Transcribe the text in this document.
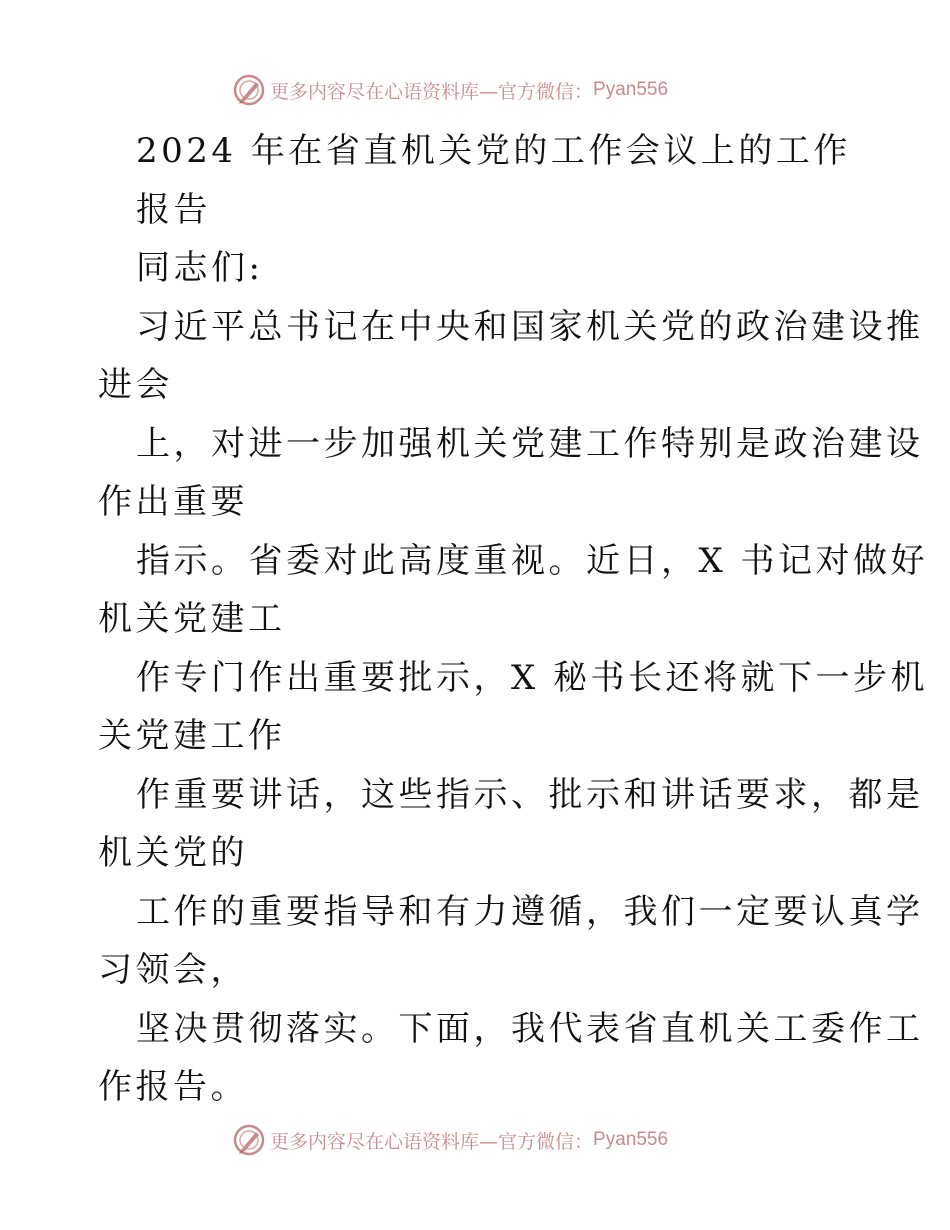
更多内容尽在心语资料库—官方微信： Pyan556
2024 年在省直机关党的工作会议上的工作
报告
同志们:
习近平总书记在中央和国家机关党的政治建设推
进会
上，对进一步加强机关党建工作特别是政治建设
作出重要
指示。省委对此高度重视。近日，X 书记对做好
机关党建工
作专门作出重要批示，X 秘书长还将就下一步机
关党建工作
作重要讲话，这些指示、批示和讲话要求，都是
机关党的
工作的重要指导和有力遵循，我们一定要认真学
习领会，
坚决贯彻落实。下面，我代表省直机关工委作工
作报告。
更多内容尽在心语资料库—官方微信： Pyan556
